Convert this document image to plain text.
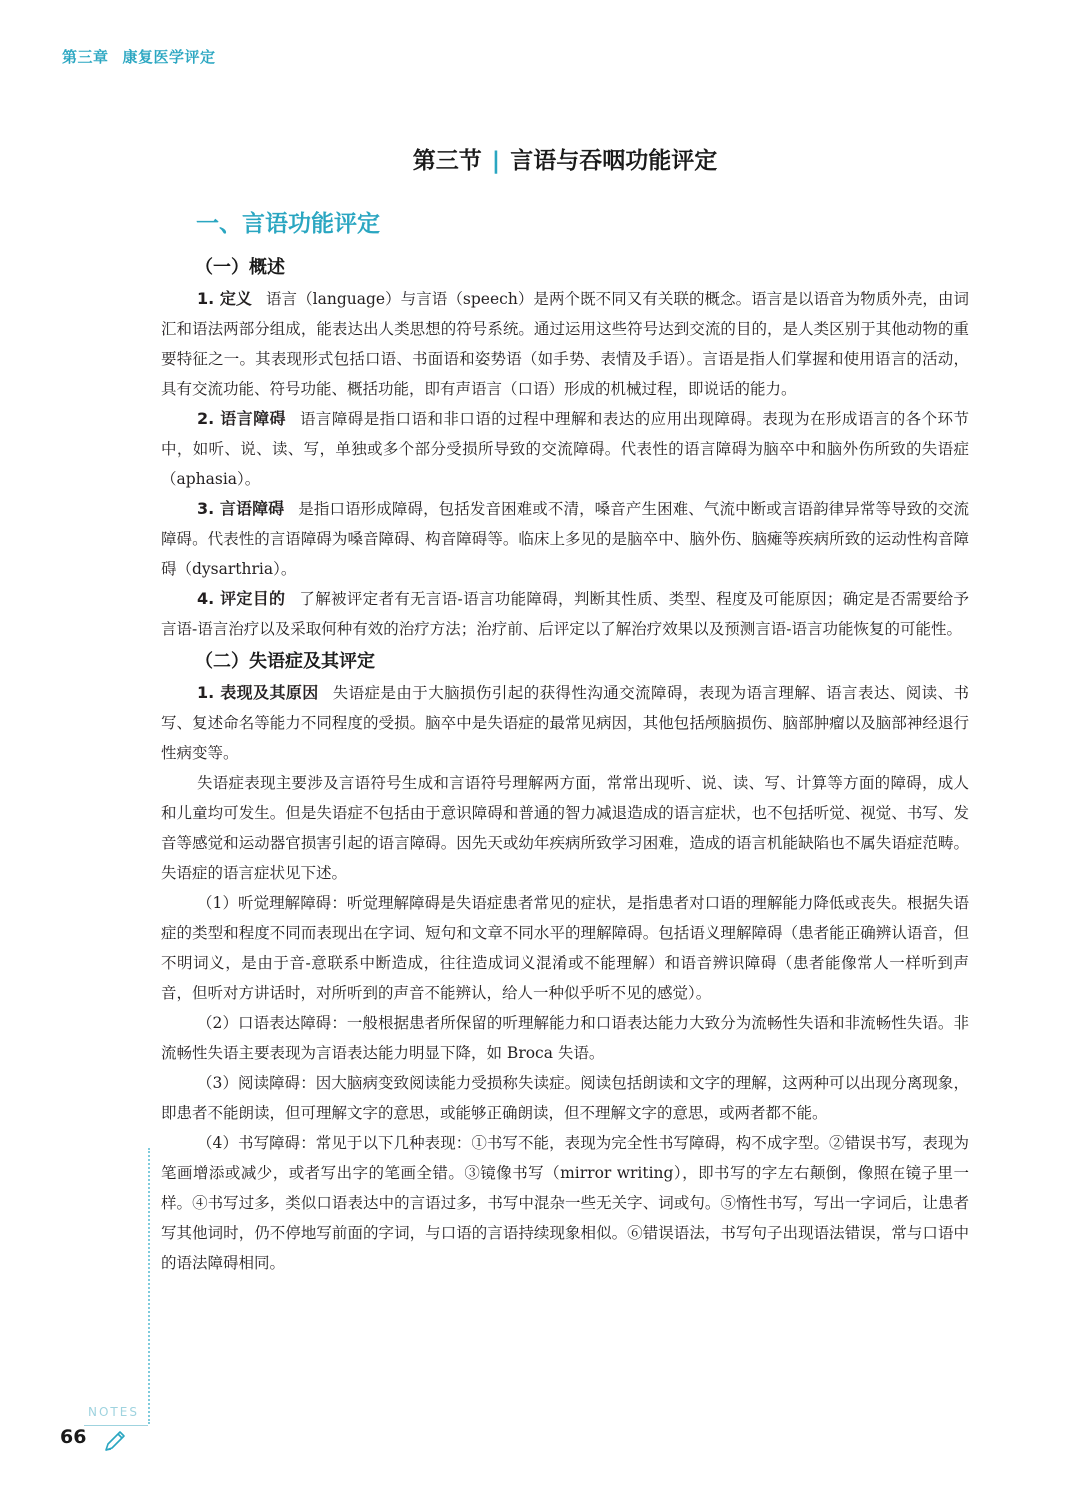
第三章 康复医学评定
第三节 | 言语与吞咽功能评定
一、言语功能评定
（一）概述

1. 定义 语言（language）与言语（speech）是两个既不同又有关联的概念。语言是以语音为物质外壳，由词汇和语法两部分组成，能表达出人类思想的符号系统。通过运用这些符号达到交流的目的，是人类区别于其他动物的重要特征之一。其表现形式包括口语、书面语和姿势语（如手势、表情及手语）。言语是指人们掌握和使用语言的活动，具有交流功能、符号功能、概括功能，即有声语言（口语）形成的机械过程，即说话的能力。

2. 语言障碍 语言障碍是指口语和非口语的过程中理解和表达的应用出现障碍。表现为在形成语言的各个环节中，如听、说、读、写，单独或多个部分受损所导致的交流障碍。代表性的语言障碍为脑卒中和脑外伤所致的失语症（aphasia）。

3. 言语障碍 是指口语形成障碍，包括发音困难或不清，嗓音产生困难、气流中断或言语韵律异常等导致的交流障碍。代表性的言语障碍为嗓音障碍、构音障碍等。临床上多见的是脑卒中、脑外伤、脑瘫等疾病所致的运动性构音障碍（dysarthria）。

4. 评定目的 了解被评定者有无言语-语言功能障碍，判断其性质、类型、程度及可能原因；确定是否需要给予言语-语言治疗以及采取何种有效的治疗方法；治疗前、后评定以了解治疗效果以及预测言语-语言功能恢复的可能性。

（二）失语症及其评定

1. 表现及其原因 失语症是由于大脑损伤引起的获得性沟通交流障碍，表现为语言理解、语言表达、阅读、书写、复述命名等能力不同程度的受损。脑卒中是失语症的最常见病因，其他包括颅脑损伤、脑部肿瘤以及脑部神经退行性病变等。

失语症表现主要涉及言语符号生成和言语符号理解两方面，常常出现听、说、读、写、计算等方面的障碍，成人和儿童均可发生。但是失语症不包括由于意识障碍和普通的智力减退造成的语言症状，也不包括听觉、视觉、书写、发音等感觉和运动器官损害引起的语言障碍。因先天或幼年疾病所致学习困难，造成的语言机能缺陷也不属失语症范畴。失语症的语言症状见下述。

（1）听觉理解障碍：听觉理解障碍是失语症患者常见的症状，是指患者对口语的理解能力降低或丧失。根据失语症的类型和程度不同而表现出在字词、短句和文章不同水平的理解障碍。包括语义理解障碍（患者能正确辨认语音，但不明词义，是由于音-意联系中断造成，往往造成词义混淆或不能理解）和语音辨识障碍（患者能像常人一样听到声音，但听对方讲话时，对所听到的声音不能辨认，给人一种似乎听不见的感觉）。

（2）口语表达障碍：一般根据患者所保留的听理解能力和口语表达能力大致分为流畅性失语和非流畅性失语。非流畅性失语主要表现为言语表达能力明显下降，如 Broca 失语。

（3）阅读障碍：因大脑病变致阅读能力受损称失读症。阅读包括朗读和文字的理解，这两种可以出现分离现象，即患者不能朗读，但可理解文字的意思，或能够正确朗读，但不理解文字的意思，或两者都不能。

（4）书写障碍：常见于以下几种表现：①书写不能，表现为完全性书写障碍，构不成字型。②错误书写，表现为笔画增添或减少，或者写出字的笔画全错。③镜像书写（mirror writing），即书写的字左右颠倒，像照在镜子里一样。④书写过多，类似口语表达中的言语过多，书写中混杂一些无关字、词或句。⑤惰性书写，写出一字词后，让患者写其他词时，仍不停地写前面的字词，与口语的言语持续现象相似。⑥错误语法，书写句子出现语法错误，常与口语中的语法障碍相同。

NOTES
66
